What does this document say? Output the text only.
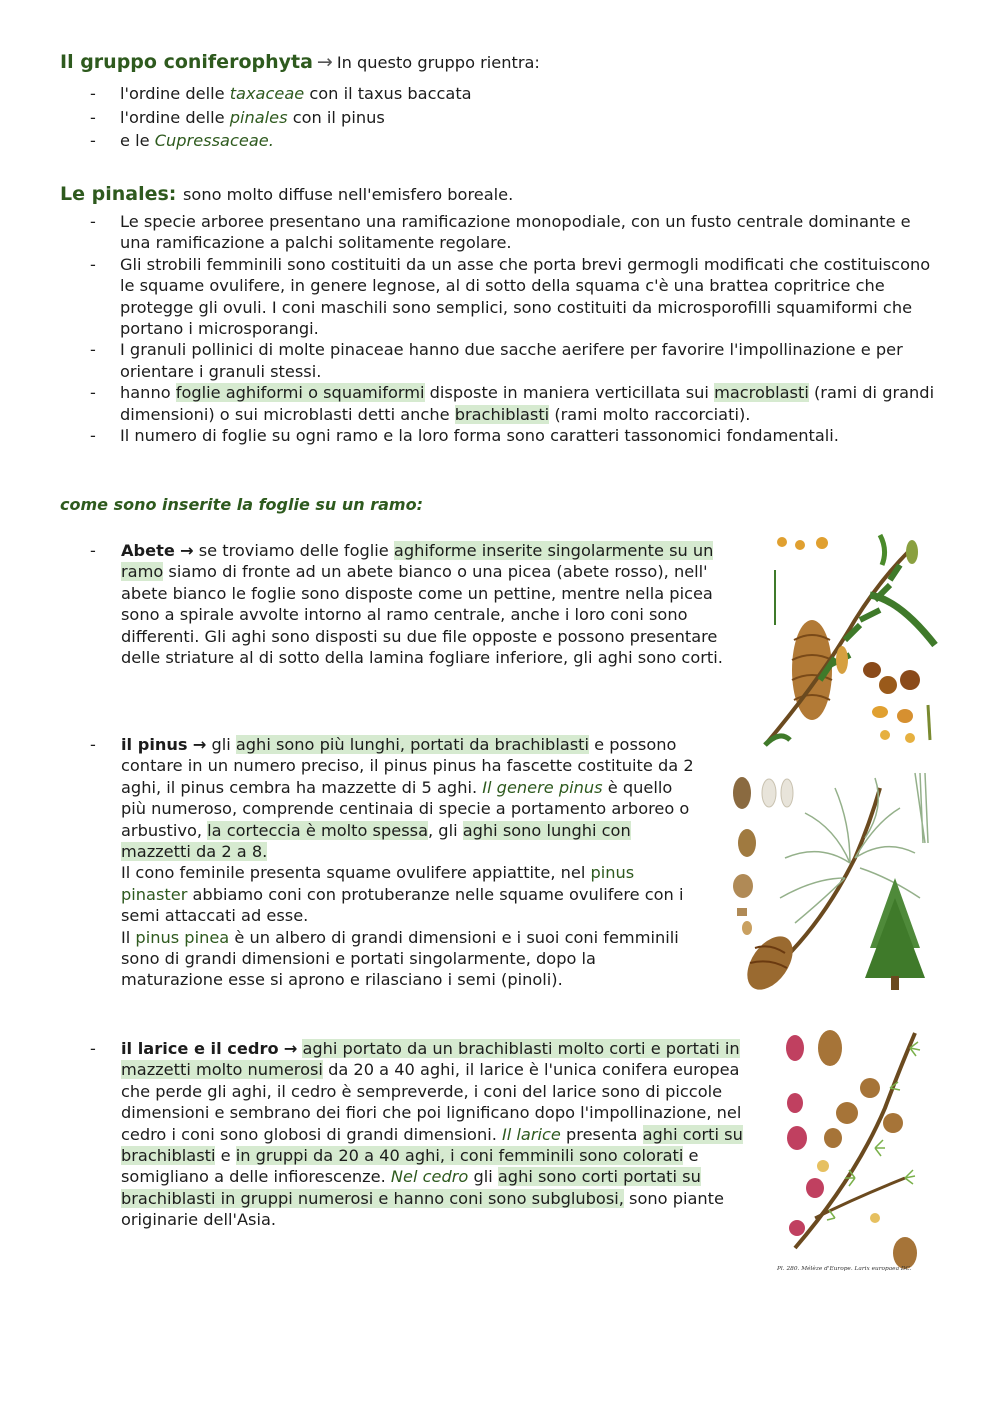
Il gruppo coniferophyta → In questo gruppo rientra:
- l'ordine delle taxaceae con il taxus baccata
- l'ordine delle pinales con il pinus
- e le Cupressaceae.
Le pinales: sono molto diffuse nell'emisfero boreale.
- Le specie arboree presentano una ramificazione monopodiale, con un fusto centrale dominante e una ramificazione a palchi solitamente regolare.
- Gli strobili femminili sono costituiti da un asse che porta brevi germogli modificati che costituiscono le squame ovulifere, in genere legnose, al di sotto della squama c'è una brattea copritrice che protegge gli ovuli. I coni maschili sono semplici, sono costituiti da microsporofilli squamiformi che portano i microsporangi.
- I granuli pollinici di molte pinaceae hanno due sacche aerifere per favorire l'impollinazione e per orientare i granuli stessi.
- hanno foglie aghiformi o squamiformi disposte in maniera verticillata sui macroblasti (rami di grandi dimensioni) o sui microblasti detti anche brachiblasti (rami molto raccorciati).
- Il numero di foglie su ogni ramo e la loro forma sono caratteri tassonomici fondamentali.
come sono inserite la foglie su un ramo:
- Abete → se troviamo delle foglie aghiforme inserite singolarmente su un ramo siamo di fronte ad un abete bianco o una picea (abete rosso), nell' abete bianco le foglie sono disposte come un pettine, mentre nella picea sono a spirale avvolte intorno al ramo centrale, anche i loro coni sono differenti. Gli aghi sono disposti su due file opposte e possono presentare delle striature al di sotto della lamina fogliare inferiore, gli aghi sono corti.
- il pinus → gli aghi sono più lunghi, portati da brachiblasti e possono contare in un numero preciso, il pinus pinus ha fascette costituite da 2 aghi, il pinus cembra ha mazzette di 5 aghi. Il genere pinus è quello più numeroso, comprende centinaia di specie a portamento arboreo o arbustivo, la corteccia è molto spessa, gli aghi sono lunghi con mazzetti da 2 a 8.
Il cono feminile presenta squame ovulifere appiattite, nel pinus pinaster abbiamo coni con protuberanze nelle squame ovulifere con i semi attaccati ad esse.
Il pinus pinea è un albero di grandi dimensioni e i suoi coni femminili sono di grandi dimensioni e portati singolarmente, dopo la maturazione esse si aprono e rilasciano i semi (pinoli).
- il larice e il cedro → aghi portato da un brachiblasti molto corti e portati in mazzetti molto numerosi da 20 a 40 aghi, il larice è l'unica conifera europea che perde gli aghi, il cedro è sempreverde, i coni del larice sono di piccole dimensioni e sembrano dei fiori che poi lignificano dopo l'impollinazione, nel cedro i coni sono globosi di grandi dimensioni. Il larice presenta aghi corti su brachiblasti e in gruppi da 20 a 40 aghi, i coni femminili sono colorati e somigliano a delle infiorescenze. Nel cedro gli aghi sono corti portati su brachiblasti in gruppi numerosi e hanno coni sono subglubosi, sono piante originarie dell'Asia.
Pl. 280. Mélèze d'Europe. Larix europaea DC.
